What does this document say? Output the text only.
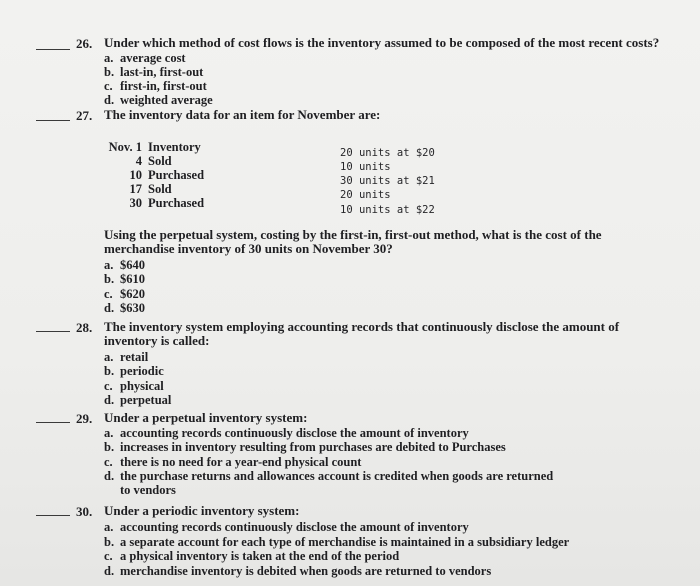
26. Under which method of cost flows is the inventory assumed to be composed of the most recent costs?
a. average cost
b. last-in, first-out
c. first-in, first-out
d. weighted average
27. The inventory data for an item for November are:
Nov. 1 Inventory
4 Sold
10 Purchased
17 Sold
30 Purchased
20 units at $20
10 units
30 units at $21
20 units
10 units at $22
Using the perpetual system, costing by the first-in, first-out method, what is the cost of the merchandise inventory of 30 units on November 30?
a. $640
b. $610
c. $620
d. $630
28. The inventory system employing accounting records that continuously disclose the amount of inventory is called:
a. retail
b. periodic
c. physical
d. perpetual
29. Under a perpetual inventory system:
a. accounting records continuously disclose the amount of inventory
b. increases in inventory resulting from purchases are debited to Purchases
c. there is no need for a year-end physical count
d. the purchase returns and allowances account is credited when goods are returned to vendors
30. Under a periodic inventory system:
a. accounting records continuously disclose the amount of inventory
b. a separate account for each type of merchandise is maintained in a subsidiary ledger
c. a physical inventory is taken at the end of the period
d. merchandise inventory is debited when goods are returned to vendors
